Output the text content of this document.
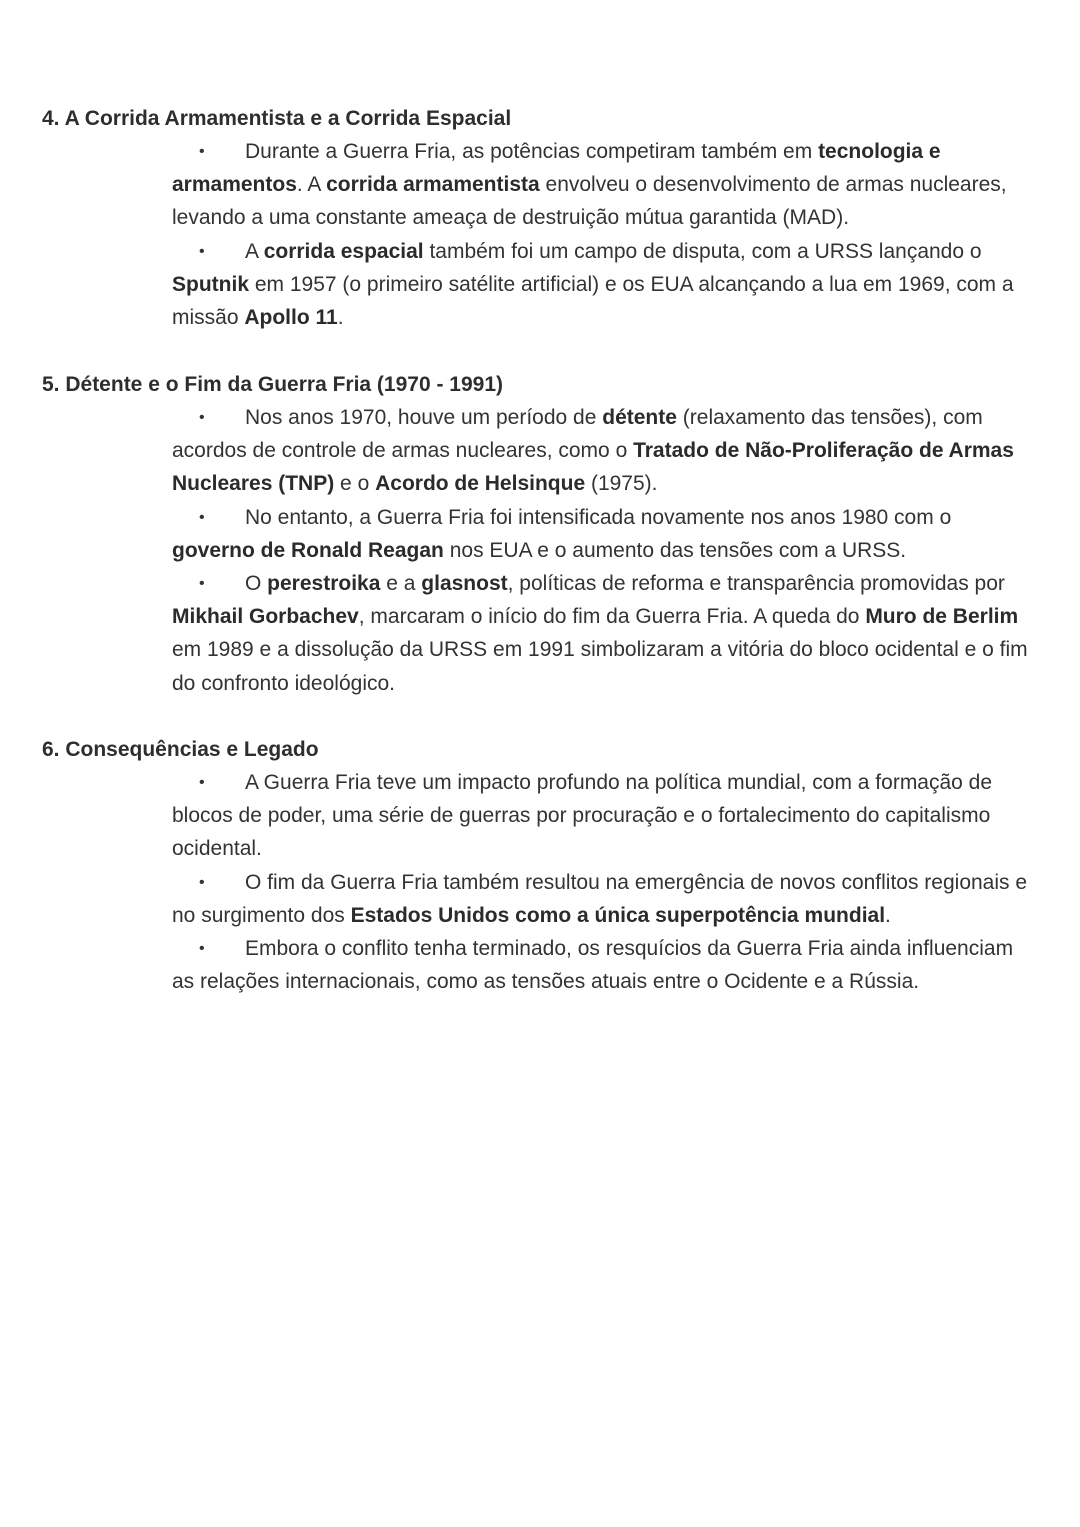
4. A Corrida Armamentista e a Corrida Espacial
• Durante a Guerra Fria, as potências competiram também em tecnologia e armamentos. A corrida armamentista envolveu o desenvolvimento de armas nucleares, levando a uma constante ameaça de destruição mútua garantida (MAD).
• A corrida espacial também foi um campo de disputa, com a URSS lançando o Sputnik em 1957 (o primeiro satélite artificial) e os EUA alcançando a lua em 1969, com a missão Apollo 11.
5. Détente e o Fim da Guerra Fria (1970 - 1991)
• Nos anos 1970, houve um período de détente (relaxamento das tensões), com acordos de controle de armas nucleares, como o Tratado de Não-Proliferação de Armas Nucleares (TNP) e o Acordo de Helsinque (1975).
• No entanto, a Guerra Fria foi intensificada novamente nos anos 1980 com o governo de Ronald Reagan nos EUA e o aumento das tensões com a URSS.
• O perestroika e a glasnost, políticas de reforma e transparência promovidas por Mikhail Gorbachev, marcaram o início do fim da Guerra Fria. A queda do Muro de Berlim em 1989 e a dissolução da URSS em 1991 simbolizaram a vitória do bloco ocidental e o fim do confronto ideológico.
6. Consequências e Legado
• A Guerra Fria teve um impacto profundo na política mundial, com a formação de blocos de poder, uma série de guerras por procuração e o fortalecimento do capitalismo ocidental.
• O fim da Guerra Fria também resultou na emergência de novos conflitos regionais e no surgimento dos Estados Unidos como a única superpotência mundial.
• Embora o conflito tenha terminado, os resquícios da Guerra Fria ainda influenciam as relações internacionais, como as tensões atuais entre o Ocidente e a Rússia.
